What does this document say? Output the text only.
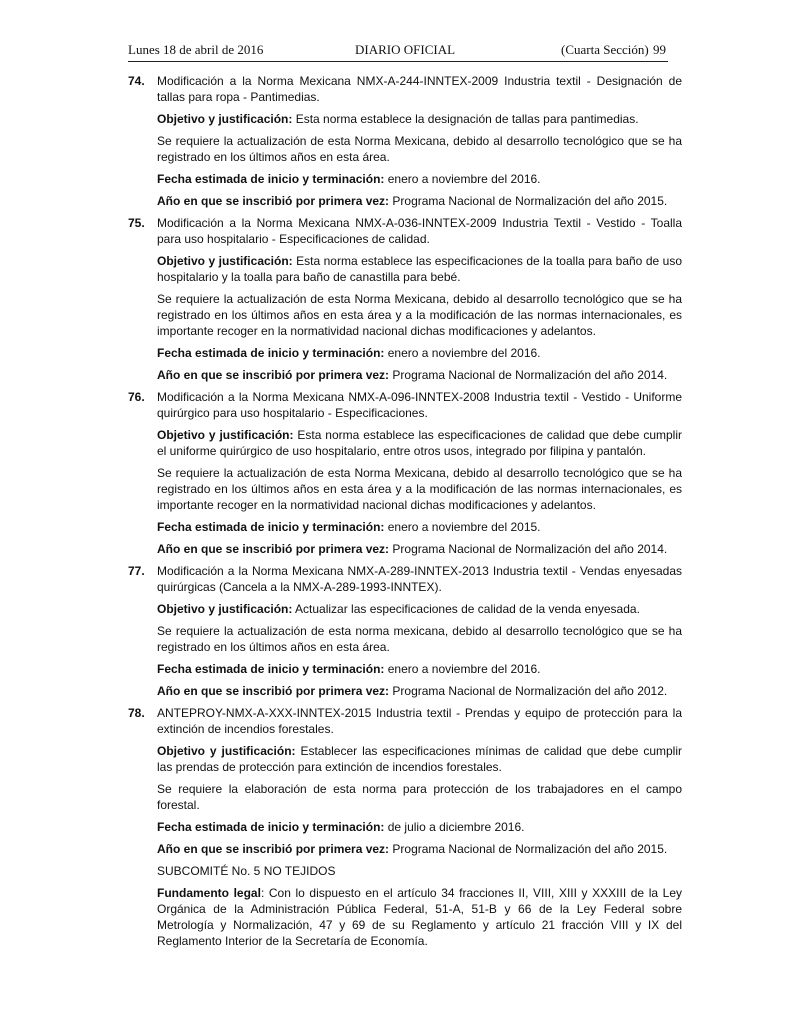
Lunes 18 de abril de 2016	DIARIO OFICIAL	(Cuarta Sección) 99
74. Modificación a la Norma Mexicana NMX-A-244-INNTEX-2009 Industria textil - Designación de tallas para ropa - Pantimedias.

Objetivo y justificación: Esta norma establece la designación de tallas para pantimedias.

Se requiere la actualización de esta Norma Mexicana, debido al desarrollo tecnológico que se ha registrado en los últimos años en esta área.

Fecha estimada de inicio y terminación: enero a noviembre del 2016.

Año en que se inscribió por primera vez: Programa Nacional de Normalización del año 2015.

75. Modificación a la Norma Mexicana NMX-A-036-INNTEX-2009 Industria Textil - Vestido - Toalla para uso hospitalario - Especificaciones de calidad.

Objetivo y justificación: Esta norma establece las especificaciones de la toalla para baño de uso hospitalario y la toalla para baño de canastilla para bebé.

Se requiere la actualización de esta Norma Mexicana, debido al desarrollo tecnológico que se ha registrado en los últimos años en esta área y a la modificación de las normas internacionales, es importante recoger en la normatividad nacional dichas modificaciones y adelantos.

Fecha estimada de inicio y terminación: enero a noviembre del 2016.

Año en que se inscribió por primera vez: Programa Nacional de Normalización del año 2014.

76. Modificación a la Norma Mexicana NMX-A-096-INNTEX-2008 Industria textil - Vestido - Uniforme quirúrgico para uso hospitalario - Especificaciones.

Objetivo y justificación: Esta norma establece las especificaciones de calidad que debe cumplir el uniforme quirúrgico de uso hospitalario, entre otros usos, integrado por filipina y pantalón.

Se requiere la actualización de esta Norma Mexicana, debido al desarrollo tecnológico que se ha registrado en los últimos años en esta área y a la modificación de las normas internacionales, es importante recoger en la normatividad nacional dichas modificaciones y adelantos.

Fecha estimada de inicio y terminación: enero a noviembre del 2015.

Año en que se inscribió por primera vez: Programa Nacional de Normalización del año 2014.

77. Modificación a la Norma Mexicana NMX-A-289-INNTEX-2013 Industria textil - Vendas enyesadas quirúrgicas (Cancela a la NMX-A-289-1993-INNTEX).

Objetivo y justificación: Actualizar las especificaciones de calidad de la venda enyesada.

Se requiere la actualización de esta norma mexicana, debido al desarrollo tecnológico que se ha registrado en los últimos años en esta área.

Fecha estimada de inicio y terminación: enero a noviembre del 2016.

Año en que se inscribió por primera vez: Programa Nacional de Normalización del año 2012.

78. ANTEPROY-NMX-A-XXX-INNTEX-2015 Industria textil - Prendas y equipo de protección para la extinción de incendios forestales.

Objetivo y justificación: Establecer las especificaciones mínimas de calidad que debe cumplir las prendas de protección para extinción de incendios forestales.

Se requiere la elaboración de esta norma para protección de los trabajadores en el campo forestal.

Fecha estimada de inicio y terminación: de julio a diciembre 2016.

Año en que se inscribió por primera vez: Programa Nacional de Normalización del año 2015.

SUBCOMITÉ No. 5 NO TEJIDOS

Fundamento legal: Con lo dispuesto en el artículo 34 fracciones II, VIII, XIII y XXXIII de la Ley Orgánica de la Administración Pública Federal, 51-A, 51-B y 66 de la Ley Federal sobre Metrología y Normalización, 47 y 69 de su Reglamento y artículo 21 fracción VIII y IX del Reglamento Interior de la Secretaría de Economía.
